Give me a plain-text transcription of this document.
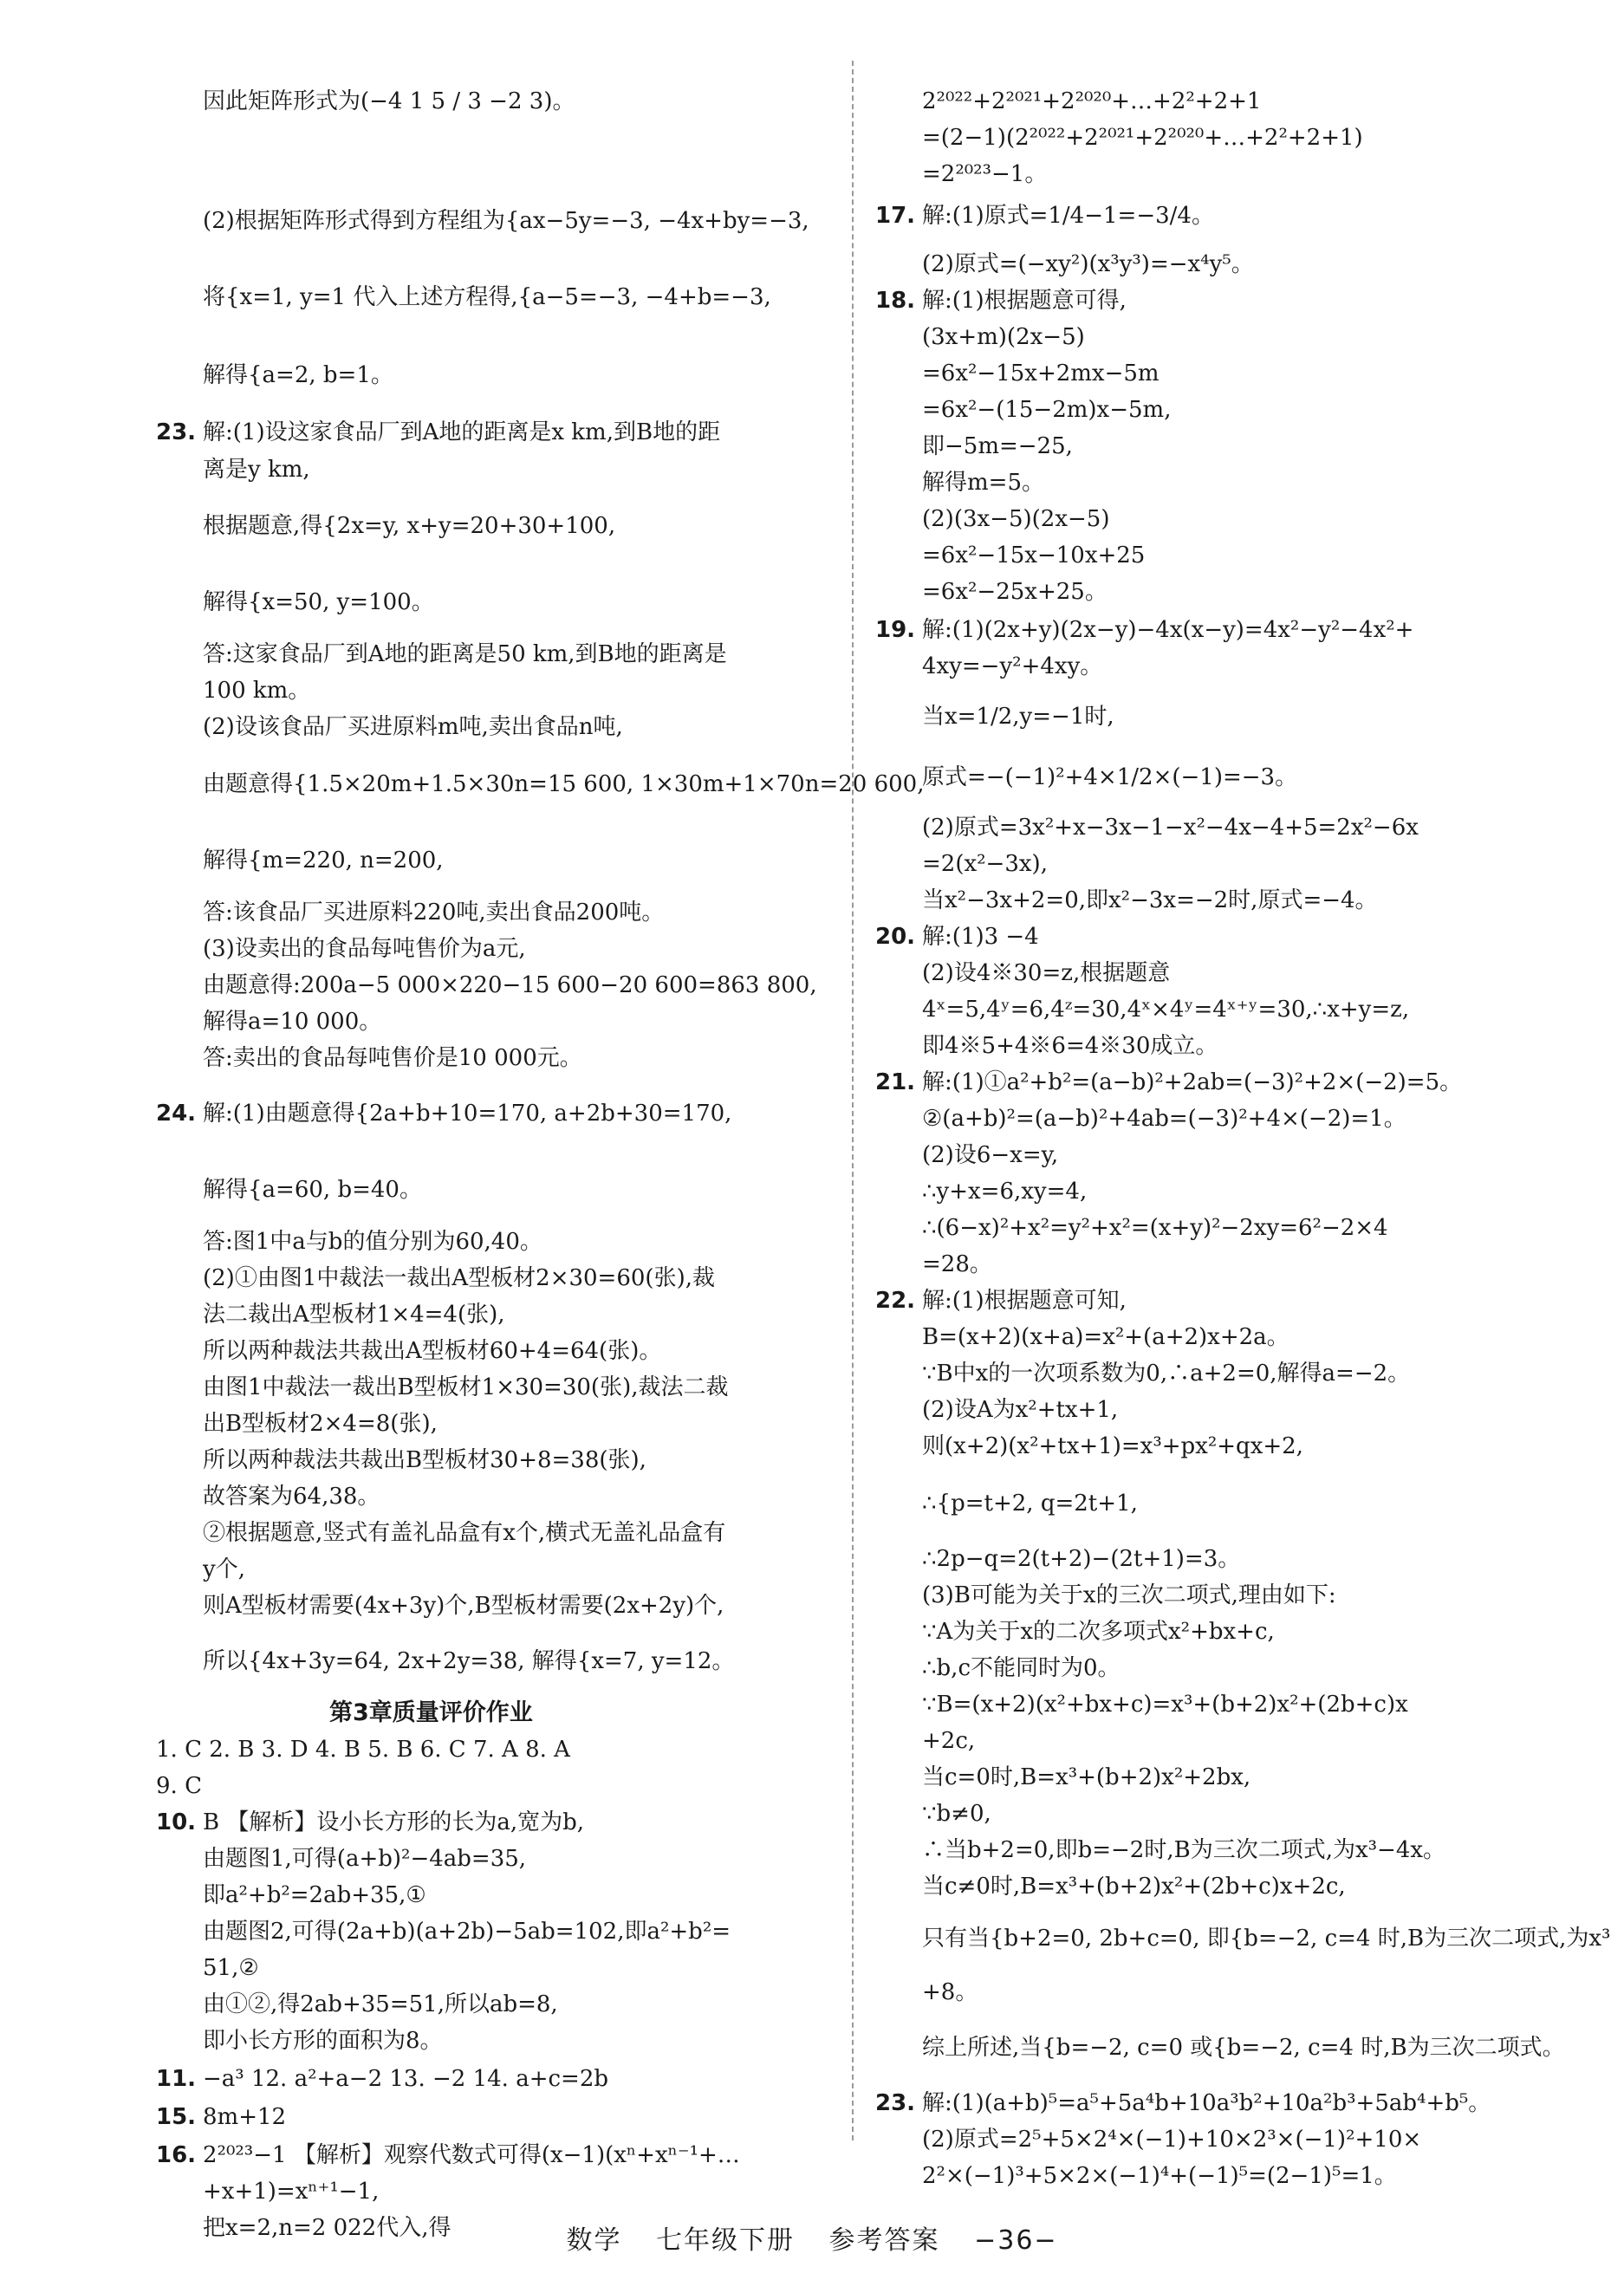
因此矩阵形式为(−4 1 5 / 3 −2 3)。
(2)根据矩阵形式得到方程组为{ax−5y=−3, −4x+by=−3,
将{x=1, y=1 代入上述方程得,{a−5=−3, −4+b=−3,
解得{a=2, b=1。
23. 解:(1)设这家食品厂到A地的距离是x km,到B地的距
离是y km,
根据题意,得{2x=y, x+y=20+30+100,
解得{x=50, y=100。
答:这家食品厂到A地的距离是50 km,到B地的距离是
100 km。
(2)设该食品厂买进原料m吨,卖出食品n吨,
由题意得{1.5×20m+1.5×30n=15 600, 1×30m+1×70n=20 600,
解得{m=220, n=200,
答:该食品厂买进原料220吨,卖出食品200吨。
(3)设卖出的食品每吨售价为a元,
由题意得:200a−5 000×220−15 600−20 600=863 800,
解得a=10 000。
答:卖出的食品每吨售价是10 000元。
24. 解:(1)由题意得{2a+b+10=170, a+2b+30=170,
解得{a=60, b=40。
答:图1中a与b的值分别为60,40。
(2)①由图1中裁法一裁出A型板材2×30=60(张),裁
法二裁出A型板材1×4=4(张),
所以两种裁法共裁出A型板材60+4=64(张)。
由图1中裁法一裁出B型板材1×30=30(张),裁法二裁
出B型板材2×4=8(张),
所以两种裁法共裁出B型板材30+8=38(张),
故答案为64,38。
②根据题意,竖式有盖礼品盒有x个,横式无盖礼品盒有
y个,
则A型板材需要(4x+3y)个,B型板材需要(2x+2y)个,
所以{4x+3y=64, 2x+2y=38, 解得{x=7, y=12。
第3章质量评价作业
1. C 2. B 3. D 4. B 5. B 6. C 7. A 8. A
9. C
10. B 【解析】设小长方形的长为a,宽为b,
由题图1,可得(a+b)²−4ab=35,
即a²+b²=2ab+35,①
由题图2,可得(2a+b)(a+2b)−5ab=102,即a²+b²=
51,②
由①②,得2ab+35=51,所以ab=8,
即小长方形的面积为8。
11. −a³ 12. a²+a−2 13. −2 14. a+c=2b
15. 8m+12
16. 2²⁰²³−1 【解析】观察代数式可得(x−1)(xⁿ+xⁿ⁻¹+…
+x+1)=xⁿ⁺¹−1,
把x=2,n=2 022代入,得
2²⁰²²+2²⁰²¹+2²⁰²⁰+…+2²+2+1
=(2−1)(2²⁰²²+2²⁰²¹+2²⁰²⁰+…+2²+2+1)
=2²⁰²³−1。
17. 解:(1)原式=1/4−1=−3/4。
(2)原式=(−xy²)(x³y³)=−x⁴y⁵。
18. 解:(1)根据题意可得,
(3x+m)(2x−5)
=6x²−15x+2mx−5m
=6x²−(15−2m)x−5m,
即−5m=−25,
解得m=5。
(2)(3x−5)(2x−5)
=6x²−15x−10x+25
=6x²−25x+25。
19. 解:(1)(2x+y)(2x−y)−4x(x−y)=4x²−y²−4x²+
4xy=−y²+4xy。
当x=1/2,y=−1时,
原式=−(−1)²+4×1/2×(−1)=−3。
(2)原式=3x²+x−3x−1−x²−4x−4+5=2x²−6x
=2(x²−3x),
当x²−3x+2=0,即x²−3x=−2时,原式=−4。
20. 解:(1)3 −4
(2)设4※30=z,根据题意
4ˣ=5,4ʸ=6,4ᶻ=30,4ˣ×4ʸ=4ˣ⁺ʸ=30,∴x+y=z,
即4※5+4※6=4※30成立。
21. 解:(1)①a²+b²=(a−b)²+2ab=(−3)²+2×(−2)=5。
②(a+b)²=(a−b)²+4ab=(−3)²+4×(−2)=1。
(2)设6−x=y,
∴y+x=6,xy=4,
∴(6−x)²+x²=y²+x²=(x+y)²−2xy=6²−2×4
=28。
22. 解:(1)根据题意可知,
B=(x+2)(x+a)=x²+(a+2)x+2a。
∵B中x的一次项系数为0,∴a+2=0,解得a=−2。
(2)设A为x²+tx+1,
则(x+2)(x²+tx+1)=x³+px²+qx+2,
∴{p=t+2, q=2t+1,
∴2p−q=2(t+2)−(2t+1)=3。
(3)B可能为关于x的三次二项式,理由如下:
∵A为关于x的二次多项式x²+bx+c,
∴b,c不能同时为0。
∵B=(x+2)(x²+bx+c)=x³+(b+2)x²+(2b+c)x
+2c,
当c=0时,B=x³+(b+2)x²+2bx,
∵b≠0,
∴当b+2=0,即b=−2时,B为三次二项式,为x³−4x。
当c≠0时,B=x³+(b+2)x²+(2b+c)x+2c,
只有当{b+2=0, 2b+c=0, 即{b=−2, c=4 时,B为三次二项式,为x³
+8。
综上所述,当{b=−2, c=0 或{b=−2, c=4 时,B为三次二项式。
23. 解:(1)(a+b)⁵=a⁵+5a⁴b+10a³b²+10a²b³+5ab⁴+b⁵。
(2)原式=2⁵+5×2⁴×(−1)+10×2³×(−1)²+10×
2²×(−1)³+5×2×(−1)⁴+(−1)⁵=(2−1)⁵=1。
数学 七年级下册 参考答案 −36−
